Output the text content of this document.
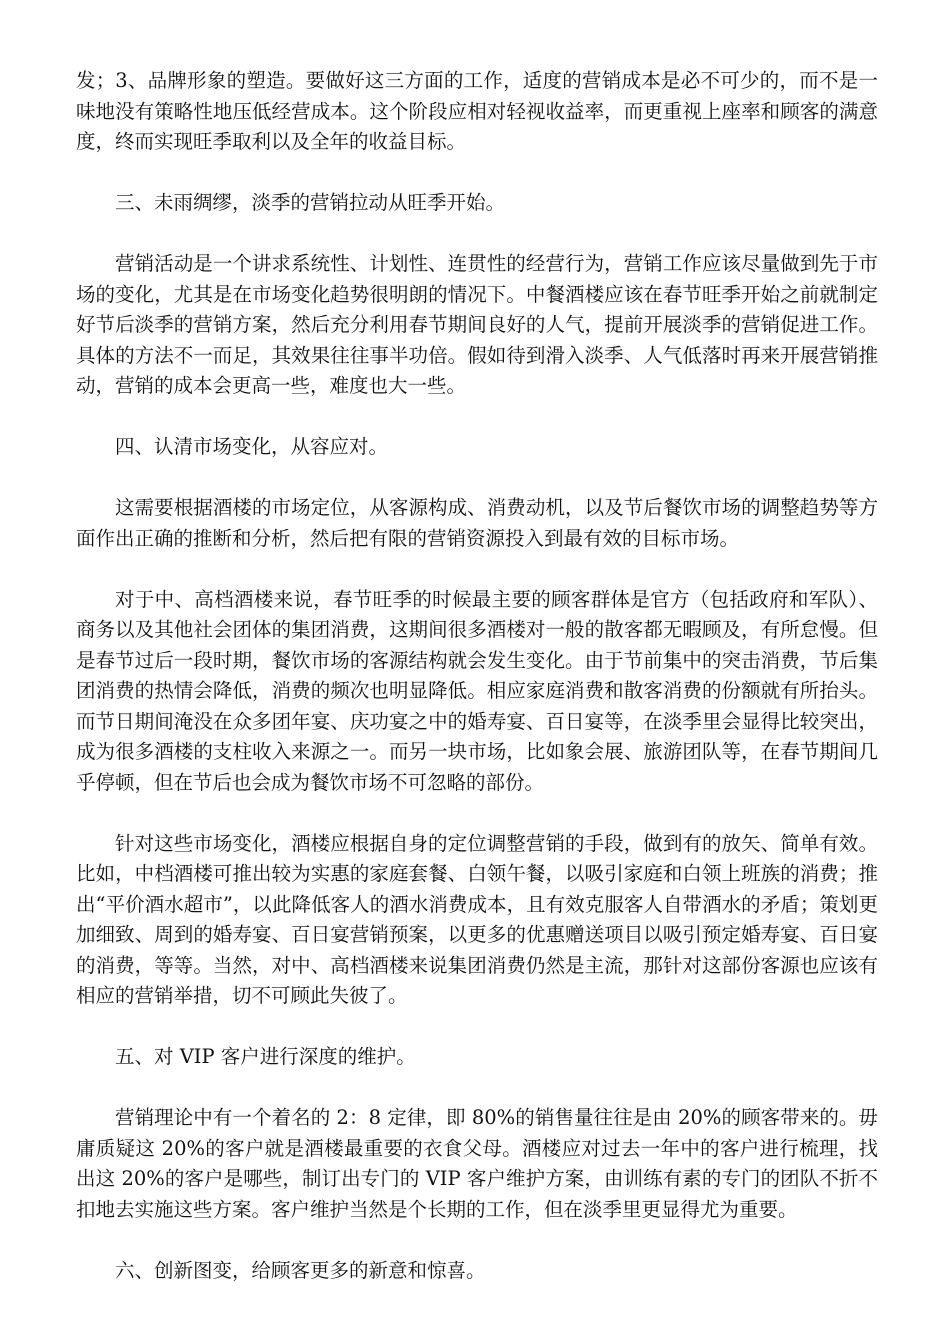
发；3、品牌形象的塑造。要做好这三方面的工作，适度的营销成本是必不可少的，而不是一味地没有策略性地压低经营成本。这个阶段应相对轻视收益率，而更重视上座率和顾客的满意度，终而实现旺季取利以及全年的收益目标。

三、未雨绸缪，淡季的营销拉动从旺季开始。

营销活动是一个讲求系统性、计划性、连贯性的经营行为，营销工作应该尽量做到先于市场的变化，尤其是在市场变化趋势很明朗的情况下。中餐酒楼应该在春节旺季开始之前就制定好节后淡季的营销方案，然后充分利用春节期间良好的人气，提前开展淡季的营销促进工作。具体的方法不一而足，其效果往往事半功倍。假如待到滑入淡季、人气低落时再来开展营销推动，营销的成本会更高一些，难度也大一些。

四、认清市场变化，从容应对。

这需要根据酒楼的市场定位，从客源构成、消费动机，以及节后餐饮市场的调整趋势等方面作出正确的推断和分析，然后把有限的营销资源投入到最有效的目标市场。

对于中、高档酒楼来说，春节旺季的时候最主要的顾客群体是官方（包括政府和军队）、商务以及其他社会团体的集团消费，这期间很多酒楼对一般的散客都无暇顾及，有所怠慢。但是春节过后一段时期，餐饮市场的客源结构就会发生变化。由于节前集中的突击消费，节后集团消费的热情会降低，消费的频次也明显降低。相应家庭消费和散客消费的份额就有所抬头。而节日期间淹没在众多团年宴、庆功宴之中的婚寿宴、百日宴等，在淡季里会显得比较突出，成为很多酒楼的支柱收入来源之一。而另一块市场，比如象会展、旅游团队等，在春节期间几乎停顿，但在节后也会成为餐饮市场不可忽略的部份。

针对这些市场变化，酒楼应根据自身的定位调整营销的手段，做到有的放矢、简单有效。比如，中档酒楼可推出较为实惠的家庭套餐、白领午餐，以吸引家庭和白领上班族的消费；推出“平价酒水超市”，以此降低客人的酒水消费成本，且有效克服客人自带酒水的矛盾；策划更加细致、周到的婚寿宴、百日宴营销预案，以更多的优惠赠送项目以吸引预定婚寿宴、百日宴的消费，等等。当然，对中、高档酒楼来说集团消费仍然是主流，那针对这部份客源也应该有相应的营销举措，切不可顾此失彼了。

五、对 VIP 客户进行深度的维护。

营销理论中有一个着名的 2：8 定律，即 80%的销售量往往是由 20%的顾客带来的。毋庸质疑这 20%的客户就是酒楼最重要的衣食父母。酒楼应对过去一年中的客户进行梳理，找出这 20%的客户是哪些，制订出专门的 VIP 客户维护方案，由训练有素的专门的团队不折不扣地去实施这些方案。客户维护当然是个长期的工作，但在淡季里更显得尤为重要。

六、创新图变，给顾客更多的新意和惊喜。
